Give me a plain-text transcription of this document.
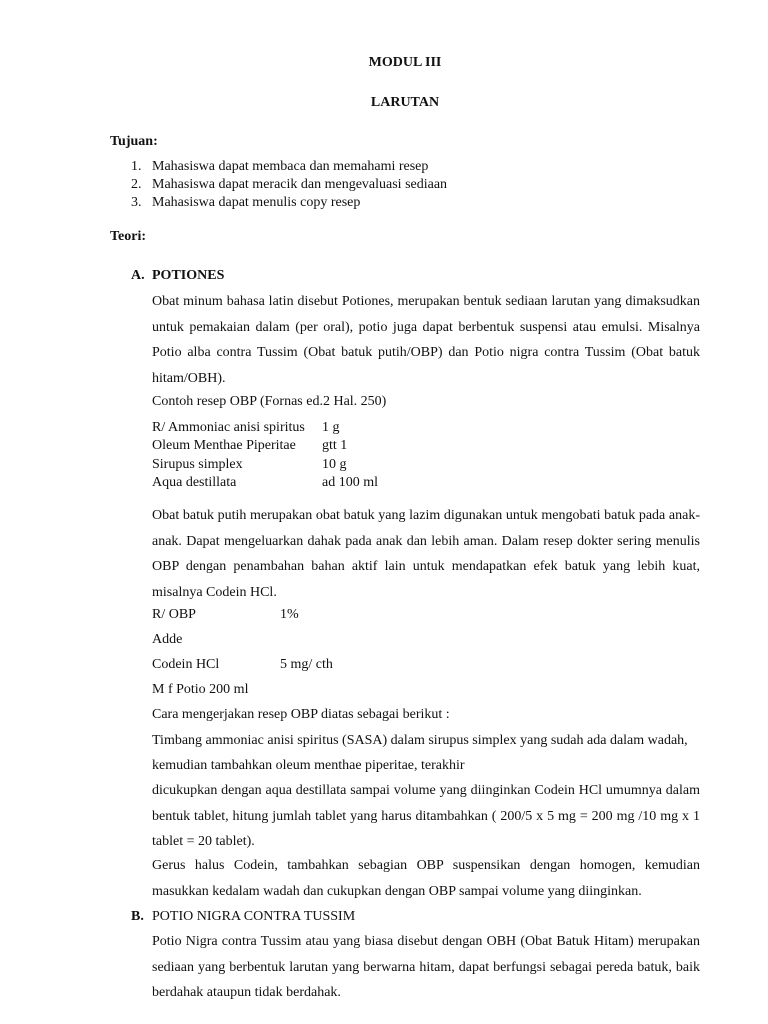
MODUL III
LARUTAN
Tujuan:
1. Mahasiswa dapat membaca dan memahami resep
2. Mahasiswa dapat meracik dan mengevaluasi sediaan
3. Mahasiswa dapat menulis copy resep
Teori:
A. POTIONES
Obat minum bahasa latin disebut Potiones, merupakan bentuk sediaan larutan yang dimaksudkan untuk pemakaian dalam (per oral), potio juga dapat berbentuk suspensi atau emulsi. Misalnya Potio alba contra Tussim (Obat batuk putih/OBP) dan Potio nigra contra Tussim (Obat batuk hitam/OBH).
Contoh resep OBP (Fornas ed.2 Hal. 250)
R/ Ammoniac anisi spiritus 1 g
Oleum Menthae Piperitae gtt 1
Sirupus simplex	10 g
Aqua destillata	ad 100 ml
Obat batuk putih merupakan obat batuk yang lazim digunakan untuk mengobati batuk pada anak-anak. Dapat mengeluarkan dahak pada anak dan lebih aman. Dalam resep dokter sering menulis OBP dengan penambahan bahan aktif lain untuk mendapatkan efek batuk yang lebih kuat, misalnya Codein HCl.
R/ OBP	1%
Adde
Codein HCl	5 mg/ cth
M f Potio 200 ml
Cara mengerjakan resep OBP diatas sebagai berikut :
Timbang ammoniac anisi spiritus (SASA) dalam sirupus simplex yang sudah ada dalam wadah,
kemudian tambahkan oleum menthae piperitae, terakhir
dicukupkan dengan aqua destillata sampai volume yang diinginkan Codein HCl umumnya dalam bentuk tablet, hitung jumlah tablet yang harus ditambahkan ( 200/5 x 5 mg = 200 mg /10 mg x 1 tablet = 20 tablet).
Gerus halus Codein, tambahkan sebagian OBP suspensikan dengan homogen, kemudian masukkan kedalam wadah dan cukupkan dengan OBP sampai volume yang diinginkan.
B. POTIO NIGRA CONTRA TUSSIM
Potio Nigra contra Tussim atau yang biasa disebut dengan OBH (Obat Batuk Hitam) merupakan sediaan yang berbentuk larutan yang berwarna hitam, dapat berfungsi sebagai pereda batuk, baik berdahak ataupun tidak berdahak.
